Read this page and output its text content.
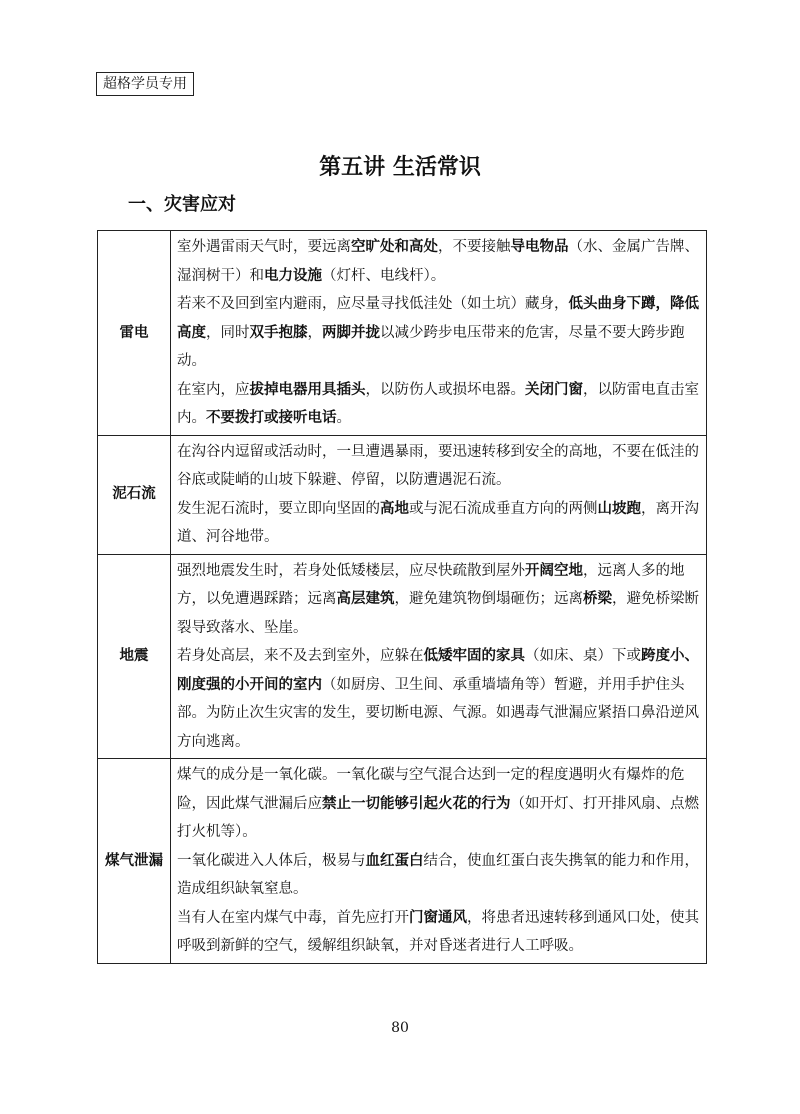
超格学员专用
第五讲 生活常识
一、灾害应对
雷电	室外遇雷雨天气时，要远离空旷处和高处，不要接触导电物品（水、金属广告牌、湿润树干）和电力设施（灯杆、电线杆）。

若来不及回到室内避雨，应尽量寻找低洼处（如土坑）藏身，低头曲身下蹲，降低高度，同时双手抱膝，两脚并拢以减少跨步电压带来的危害，尽量不要大跨步跑动。

在室内，应拔掉电器用具插头，以防伤人或损坏电器。关闭门窗，以防雷电直击室内。不要拨打或接听电话。

泥石流	在沟谷内逗留或活动时，一旦遭遇暴雨，要迅速转移到安全的高地，不要在低洼的谷底或陡峭的山坡下躲避、停留，以防遭遇泥石流。

发生泥石流时，要立即向坚固的高地或与泥石流成垂直方向的两侧山坡跑，离开沟道、河谷地带。

地震	强烈地震发生时，若身处低矮楼层，应尽快疏散到屋外开阔空地，远离人多的地方，以免遭遇踩踏；远离高层建筑，避免建筑物倒塌砸伤；远离桥梁，避免桥梁断裂导致落水、坠崖。

若身处高层，来不及去到室外，应躲在低矮牢固的家具（如床、桌）下或跨度小、刚度强的小开间的室内（如厨房、卫生间、承重墙墙角等）暂避，并用手护住头部。为防止次生灾害的发生，要切断电源、气源。如遇毒气泄漏应紧捂口鼻沿逆风方向逃离。

煤气泄漏	煤气的成分是一氧化碳。一氧化碳与空气混合达到一定的程度遇明火有爆炸的危险，因此煤气泄漏后应禁止一切能够引起火花的行为（如开灯、打开排风扇、点燃打火机等）。

一氧化碳进入人体后，极易与血红蛋白结合，使血红蛋白丧失携氧的能力和作用，造成组织缺氧窒息。

当有人在室内煤气中毒，首先应打开门窗通风，将患者迅速转移到通风口处，使其呼吸到新鲜的空气，缓解组织缺氧，并对昏迷者进行人工呼吸。

80
